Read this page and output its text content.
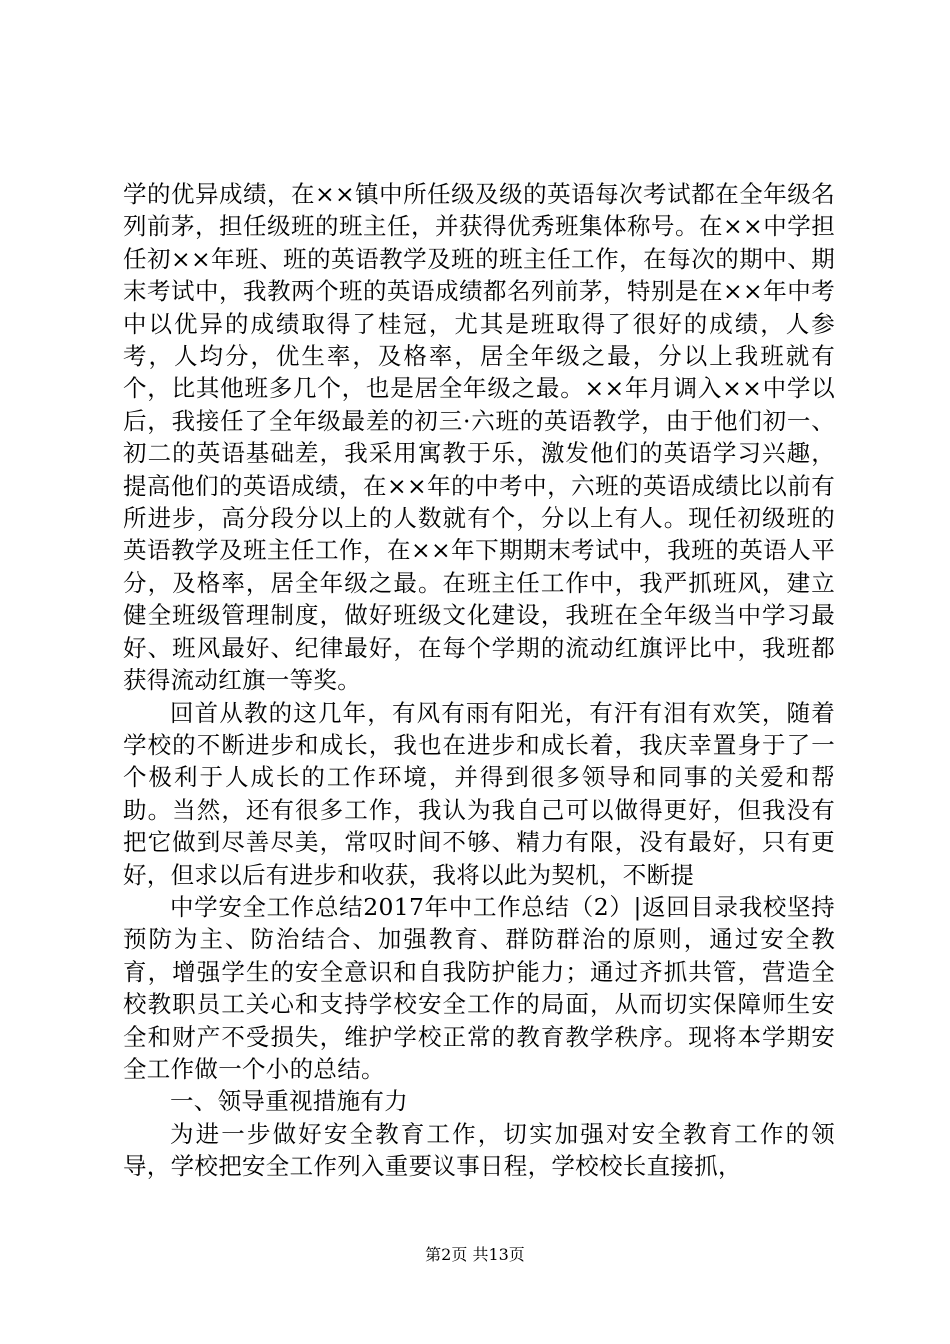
学的优异成绩，在××镇中所任级及级的英语每次考试都在全年级名列前茅，担任级班的班主任，并获得优秀班集体称号。在××中学担任初××年班、班的英语教学及班的班主任工作，在每次的期中、期末考试中，我教两个班的英语成绩都名列前茅，特别是在××年中考中以优异的成绩取得了桂冠，尤其是班取得了很好的成绩，人参考，人均分，优生率，及格率，居全年级之最，分以上我班就有个，比其他班多几个，也是居全年级之最。××年月调入××中学以后，我接任了全年级最差的初三·六班的英语教学，由于他们初一、初二的英语基础差，我采用寓教于乐，激发他们的英语学习兴趣，提高他们的英语成绩，在××年的中考中，六班的英语成绩比以前有所进步，高分段分以上的人数就有个，分以上有人。现任初级班的英语教学及班主任工作，在××年下期期末考试中，我班的英语人平分，及格率，居全年级之最。在班主任工作中，我严抓班风，建立健全班级管理制度，做好班级文化建设，我班在全年级当中学习最好、班风最好、纪律最好，在每个学期的流动红旗评比中，我班都获得流动红旗一等奖。

回首从教的这几年，有风有雨有阳光，有汗有泪有欢笑，随着学校的不断进步和成长，我也在进步和成长着，我庆幸置身于了一个极利于人成长的工作环境，并得到很多领导和同事的关爱和帮助。当然，还有很多工作，我认为我自己可以做得更好，但我没有把它做到尽善尽美，常叹时间不够、精力有限，没有最好，只有更好，但求以后有进步和收获，我将以此为契机，不断提

中学安全工作总结2017年中工作总结（2）|返回目录我校坚持预防为主、防治结合、加强教育、群防群治的原则，通过安全教育，增强学生的安全意识和自我防护能力；通过齐抓共管，营造全校教职员工关心和支持学校安全工作的局面，从而切实保障师生安全和财产不受损失，维护学校正常的教育教学秩序。现将本学期安全工作做一个小的总结。

一、领导重视措施有力

为进一步做好安全教育工作，切实加强对安全教育工作的领导，学校把安全工作列入重要议事日程，学校校长直接抓，

第2页 共13页
